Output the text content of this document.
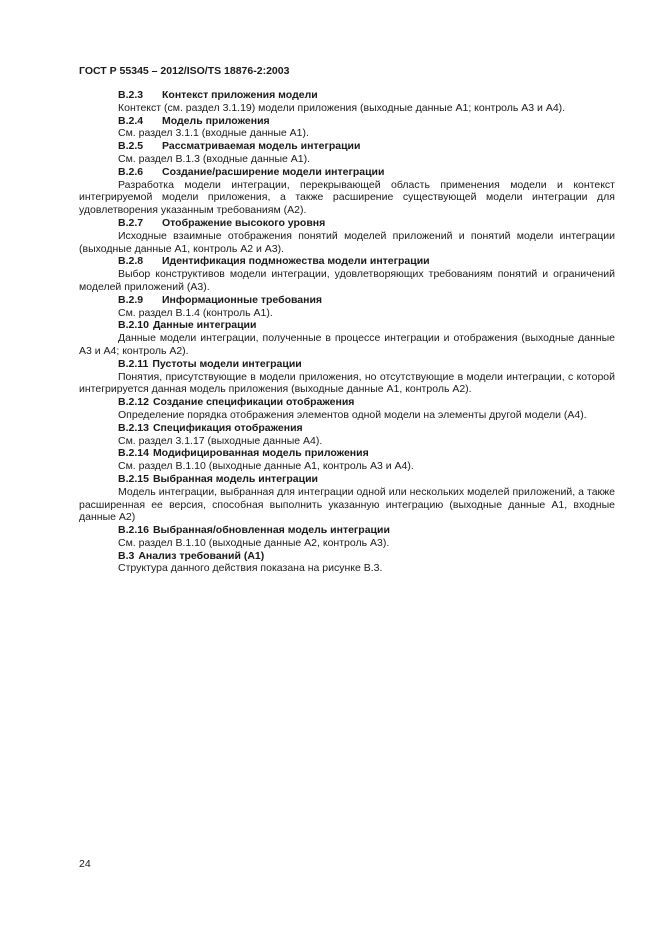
ГОСТ Р 55345 – 2012/ISO/TS 18876-2:2003
B.2.3 Контекст приложения модели
Контекст (см. раздел 3.1.19) модели приложения (выходные данные А1; контроль А3 и А4).
B.2.4 Модель приложения
См. раздел 3.1.1 (входные данные А1).
B.2.5 Рассматриваемая модель интеграции
См. раздел В.1.3 (входные данные А1).
B.2.6 Создание/расширение модели интеграции
Разработка модели интеграции, перекрывающей область применения модели и контекст интегрируемой модели приложения, а также расширение существующей модели интеграции для удовлетворения указанным требованиям (А2).
B.2.7 Отображение высокого уровня
Исходные взаимные отображения понятий моделей приложений и понятий модели интеграции (выходные данные А1, контроль А2 и А3).
B.2.8 Идентификация подмножества модели интеграции
Выбор конструктивов модели интеграции, удовлетворяющих требованиям понятий и ограничений моделей приложений (А3).
B.2.9 Информационные требования
См. раздел В.1.4 (контроль А1).
B.2.10 Данные интеграции
Данные модели интеграции, полученные в процессе интеграции и отображения (выходные данные А3 и А4; контроль А2).
B.2.11 Пустоты модели интеграции
Понятия, присутствующие в модели приложения, но отсутствующие в модели интеграции, с которой интегрируется данная модель приложения (выходные данные А1, контроль А2).
B.2.12 Создание спецификации отображения
Определение порядка отображения элементов одной модели на элементы другой модели (А4).
B.2.13 Спецификация отображения
См. раздел 3.1.17 (выходные данные А4).
B.2.14 Модифицированная модель приложения
См. раздел В.1.10 (выходные данные А1, контроль А3 и А4).
B.2.15 Выбранная модель интеграции
Модель интеграции, выбранная для интеграции одной или нескольких моделей приложений, а также расширенная ее версия, способная выполнить указанную интеграцию (выходные данные А1, входные данные А2)
B.2.16 Выбранная/обновленная модель интеграции
См. раздел В.1.10 (выходные данные А2, контроль А3).
B.3 Анализ требований (А1)
Структура данного действия показана на рисунке В.3.
24
